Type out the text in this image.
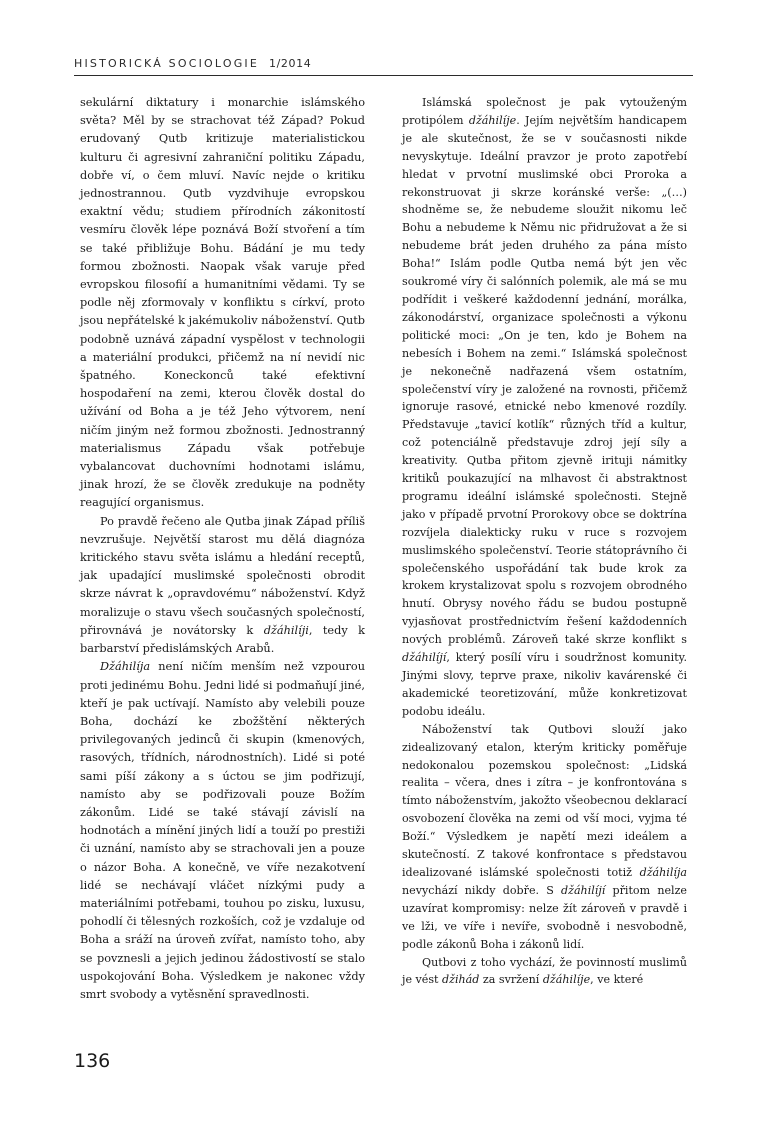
HISTORICKÁ SOCIOLOGIE 1/2014

sekulární diktatury i monarchie islámského světa? Měl by se strachovat též Západ? Pokud erudovaný Qutb kritizuje materialistickou kulturu či agresivní zahraniční politiku Západu, dobře ví, o čem mluví. Navíc nejde o kritiku jednostrannou. Qutb vyzdvihuje evropskou exaktní vědu; studiem přírodních zákonitostí vesmíru člověk lépe poznává Boží stvoření a tím se také přibližuje Bohu. Bádání je mu tedy formou zbožnosti. Naopak však varuje před evropskou filosofií a humanitními vědami. Ty se podle něj zformovaly v konfliktu s církví, proto jsou nepřátelské k jakémukoliv náboženství. Qutb podobně uznává západní vyspělost v technologii a materiální produkci, přičemž na ní nevidí nic špatného. Koneckonců také efektivní hospodaření na zemi, kterou člověk dostal do užívání od Boha a je též Jeho výtvorem, není ničím jiným než formou zbožnosti. Jednostranný materialismus Západu však potřebuje vybalancovat duchovními hodnotami islámu, jinak hrozí, že se člověk zredukuje na podněty reagující organismus.

Po pravdě řečeno ale Qutba jinak Západ příliš nevzrušuje. Největší starost mu dělá diagnóza kritického stavu světa islámu a hledání receptů, jak upadající muslimské společnosti obrodit skrze návrat k „opravdovému“ náboženství. Když moralizuje o stavu všech současných společností, přirovnává je novátorsky k džáhilíji, tedy k barbarství předislámských Arabů.

Džáhilíja není ničím menším než vzpourou proti jedinému Bohu. Jedni lidé si podmaňují jiné, kteří je pak uctívají. Namísto aby velebili pouze Boha, dochází ke zbožštění některých privilegovaných jedinců či skupin (kmenových, rasových, třídních, národnostních). Lidé si poté sami píší zákony a s úctou se jim podřizují, namísto aby se podřizovali pouze Božím zákonům. Lidé se také stávají závislí na hodnotách a mínění jiných lidí a touží po prestiži či uznání, namísto aby se strachovali jen a pouze o názor Boha. A konečně, ve víře nezakotvení lidé se nechávají vláčet nízkými pudy a materiálními potřebami, touhou po zisku, luxusu, pohodlí či tělesných rozkoších, což je vzdaluje od Boha a sráží na úroveň zvířat, namísto toho, aby se povznesli a jejich jedinou žádostivostí se stalo uspokojování Boha. Výsledkem je nakonec vždy smrt svobody a vytěsnění spravedlnosti.

Islámská společnost je pak vytouženým protipólem džáhilíje. Jejím největším handicapem je ale skutečnost, že se v současnosti nikde nevyskytuje. Ideální pravzor je proto zapotřebí hledat v prvotní muslimské obci Proroka a rekonstruovat ji skrze koránské verše: „(…) shodněme se, že nebudeme sloužit nikomu leč Bohu a nebudeme k Němu nic přidružovat a že si nebudeme brát jeden druhého za pána místo Boha!“ Islám podle Qutba nemá být jen věc soukromé víry či salónních polemik, ale má se mu podřídit i veškeré každodenní jednání, morálka, zákonodárství, organizace společnosti a výkonu politické moci: „On je ten, kdo je Bohem na nebesích i Bohem na zemi.“ Islámská společnost je nekonečně nadřazená všem ostatním, společenství víry je založené na rovnosti, přičemž ignoruje rasové, etnické nebo kmenové rozdíly. Představuje „tavicí kotlík“ různých tříd a kultur, což potenciálně představuje zdroj její síly a kreativity. Qutba přitom zjevně irituji námitky kritiků poukazující na mlhavost či abstraktnost programu ideální islámské společnosti. Stejně jako v případě prvotní Prorokovy obce se doktrína rozvíjela dialekticky ruku v ruce s rozvojem muslimského společenství. Teorie státoprávního či společenského uspořádání tak bude krok za krokem krystalizovat spolu s rozvojem obrodného hnutí. Obrysy nového řádu se budou postupně vyjasňovat prostřednictvím řešení každodenních nových problémů. Zároveň také skrze konflikt s džáhilíjí, který posílí víru i soudržnost komunity. Jinými slovy, teprve praxe, nikoliv kavárenské či akademické teoretizování, může konkretizovat podobu ideálu.

Náboženství tak Qutbovi slouží jako zidealizovaný etalon, kterým kriticky poměřuje nedokonalou pozemskou společnost: „Lidská realita – včera, dnes i zítra – je konfrontována s tímto náboženstvím, jakožto všeobecnou deklarací osvobození člověka na zemi od vší moci, vyjma té Boží.“ Výsledkem je napětí mezi ideálem a skutečností. Z takové konfrontace s představou idealizované islámské společnosti totiž džáhilíja nevychází nikdy dobře. S džáhilíjí přitom nelze uzavírat kompromisy: nelze žít zároveň v pravdě i ve lži, ve víře i nevíře, svobodně i nesvobodně, podle zákonů Boha i zákonů lidí.

Qutbovi z toho vychází, že povinností muslimů je vést džihád za svržení džáhilíje, ve které

136
